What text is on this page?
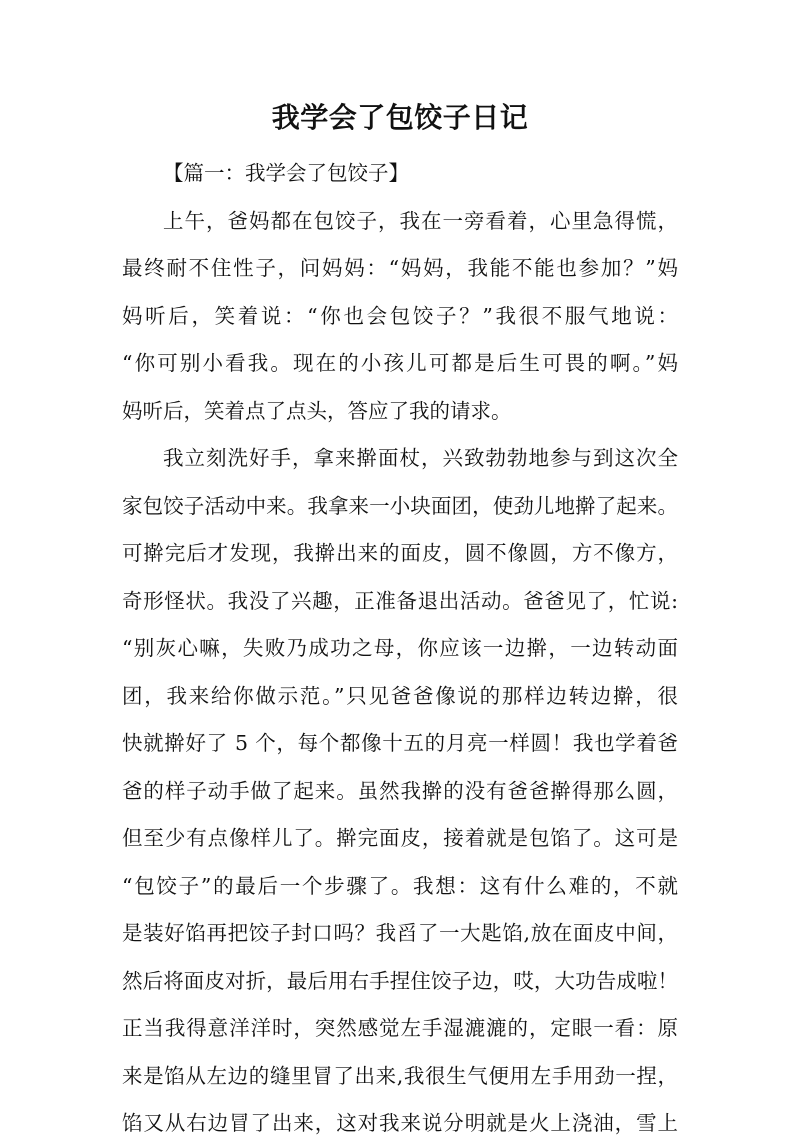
我学会了包饺子日记
【篇一：我学会了包饺子】
上午，爸妈都在包饺子，我在一旁看着，心里急得慌，
最终耐不住性子，问妈妈：“妈妈，我能不能也参加？”妈
妈听后，笑着说：“你也会包饺子？”我很不服气地说：
“你可别小看我。现在的小孩儿可都是后生可畏的啊。”妈
妈听后，笑着点了点头，答应了我的请求。
我立刻洗好手，拿来擀面杖，兴致勃勃地参与到这次全
家包饺子活动中来。我拿来一小块面团，使劲儿地擀了起来。
可擀完后才发现，我擀出来的面皮，圆不像圆，方不像方，
奇形怪状。我没了兴趣，正准备退出活动。爸爸见了，忙说:
“别灰心嘛，失败乃成功之母，你应该一边擀，一边转动面
团，我来给你做示范。”只见爸爸像说的那样边转边擀，很
快就擀好了 5 个，每个都像十五的月亮一样圆！我也学着爸
爸的样子动手做了起来。虽然我擀的没有爸爸擀得那么圆，
但至少有点像样儿了。擀完面皮，接着就是包馅了。这可是
“包饺子”的最后一个步骤了。我想：这有什么难的，不就
是装好馅再把饺子封口吗？我舀了一大匙馅,放在面皮中间，
然后将面皮对折，最后用右手捏住饺子边，哎，大功告成啦！
正当我得意洋洋时，突然感觉左手湿漉漉的，定眼一看：原
来是馅从左边的缝里冒了出来,我很生气便用左手用劲一捏，
馅又从右边冒了出来，这对我来说分明就是火上浇油，雪上
